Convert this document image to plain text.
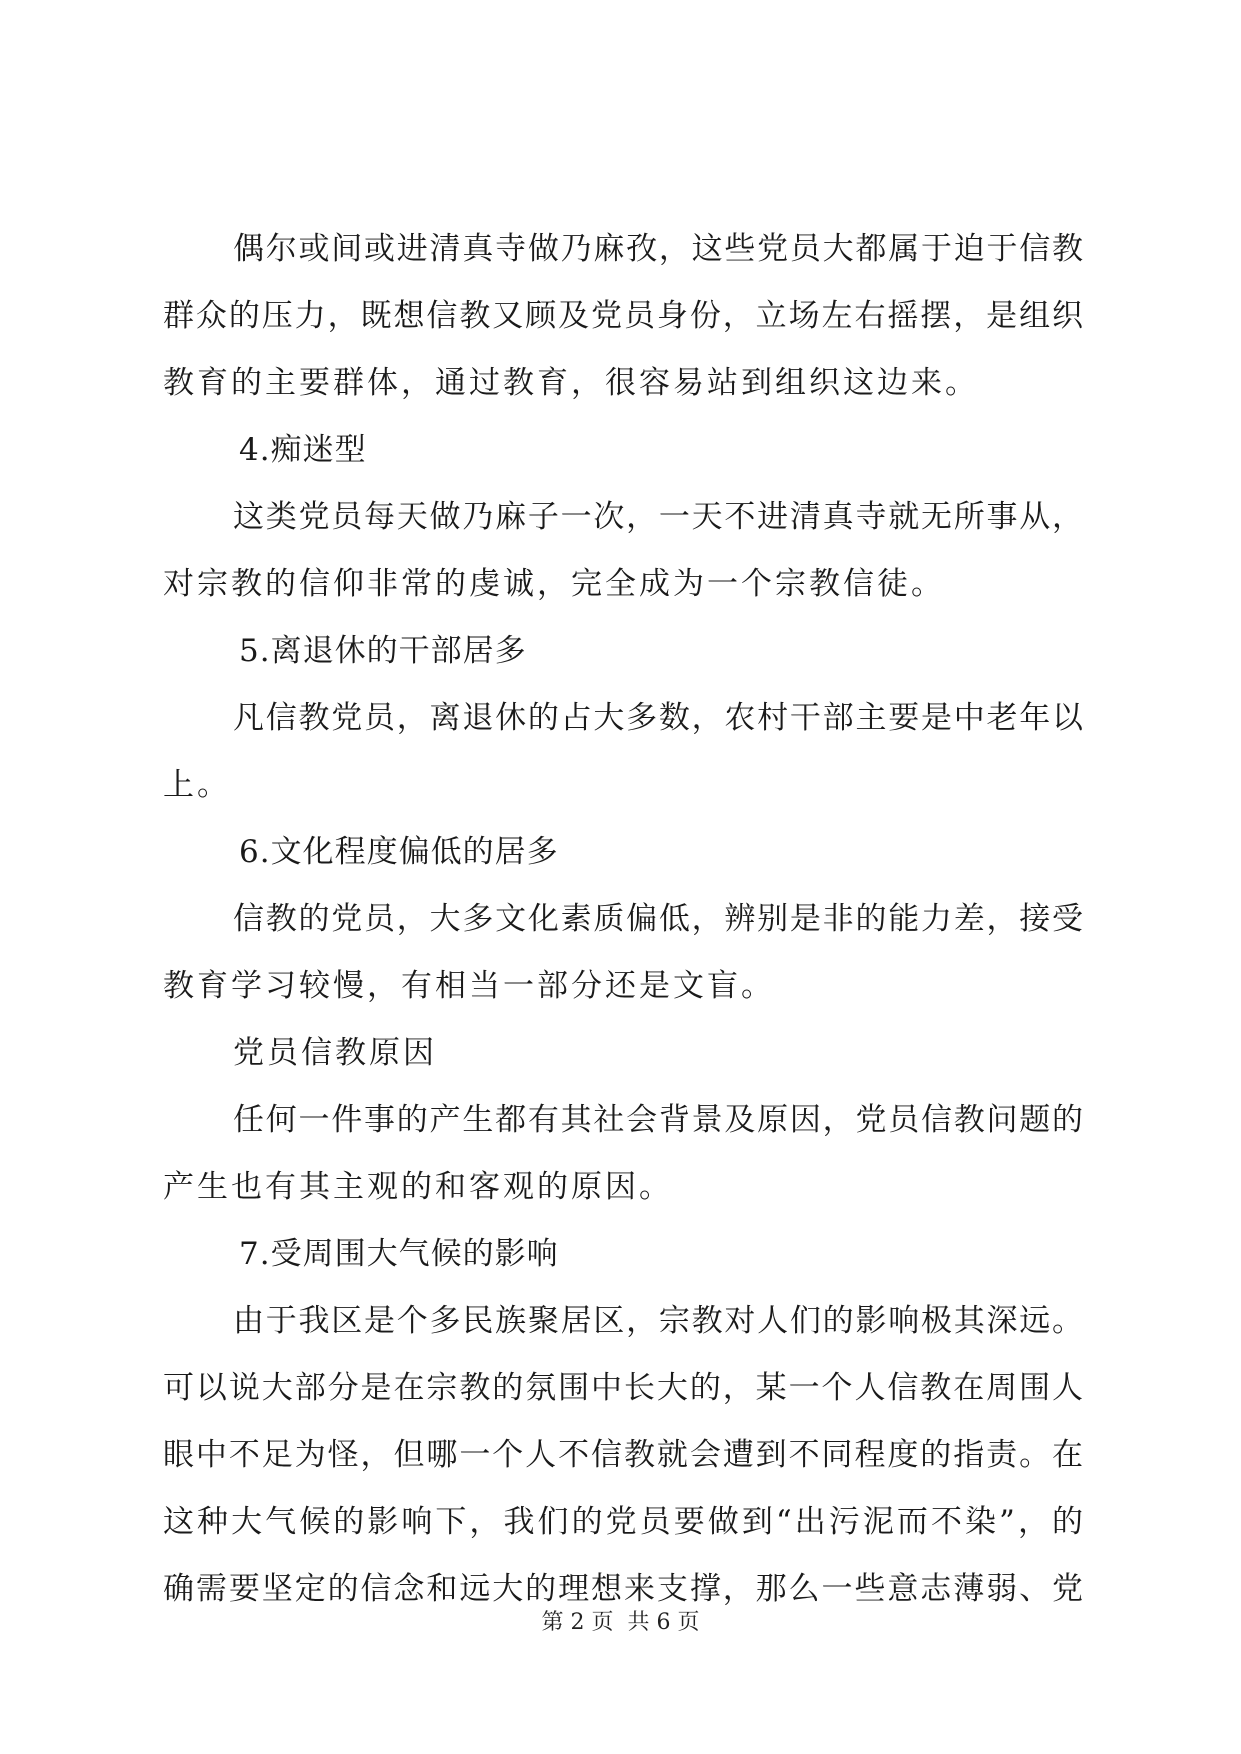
偶尔或间或进清真寺做乃麻孜，这些党员大都属于迫于信教
群众的压力，既想信教又顾及党员身份，立场左右摇摆，是组织
教育的主要群体，通过教育，很容易站到组织这边来。
4.痴迷型
这类党员每天做乃麻子一次，一天不进清真寺就无所事从，
对宗教的信仰非常的虔诚，完全成为一个宗教信徒。
5.离退休的干部居多
凡信教党员，离退休的占大多数，农村干部主要是中老年以
上。
6.文化程度偏低的居多
信教的党员，大多文化素质偏低，辨别是非的能力差，接受
教育学习较慢，有相当一部分还是文盲。
党员信教原因
任何一件事的产生都有其社会背景及原因，党员信教问题的
产生也有其主观的和客观的原因。
7.受周围大气候的影响
由于我区是个多民族聚居区，宗教对人们的影响极其深远。
可以说大部分是在宗教的氛围中长大的，某一个人信教在周围人
眼中不足为怪，但哪一个人不信教就会遭到不同程度的指责。在
这种大气候的影响下，我们的党员要做到“出污泥而不染”，的
确需要坚定的信念和远大的理想来支撑，那么一些意志薄弱、党
第 2 页 共 6 页
